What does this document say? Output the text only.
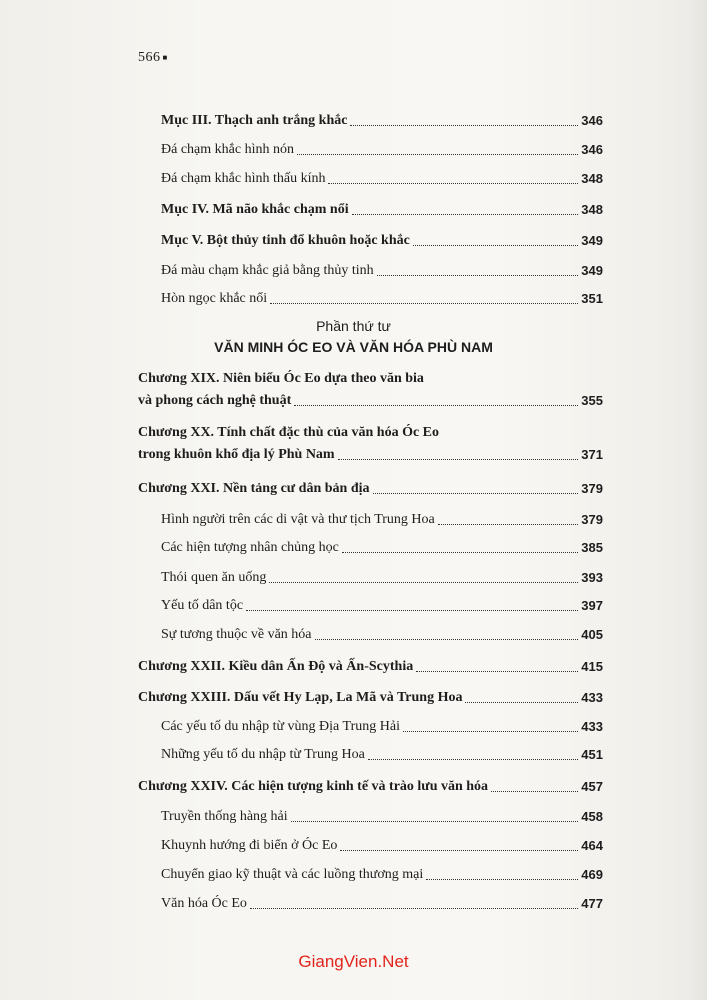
566 ■
Mục III. Thạch anh trắng khắc	346
Đá chạm khắc hình nón	346
Đá chạm khắc hình thấu kính	348
Mục IV. Mã não khắc chạm nổi	348
Mục V. Bột thủy tinh đổ khuôn hoặc khắc	349
Đá màu chạm khắc giả bằng thủy tinh	349
Hòn ngọc khắc nổi	351
Phần thứ tư
VĂN MINH ÓC EO VÀ VĂN HÓA PHÙ NAM
Chương XIX. Niên biểu Óc Eo dựa theo văn bia
và phong cách nghệ thuật	355
Chương XX. Tính chất đặc thù của văn hóa Óc Eo
trong khuôn khổ địa lý Phù Nam	371
Chương XXI. Nền tảng cư dân bản địa	379
Hình người trên các di vật và thư tịch Trung Hoa	379
Các hiện tượng nhân chủng học	385
Thói quen ăn uống	393
Yếu tố dân tộc	397
Sự tương thuộc về văn hóa	405
Chương XXII. Kiều dân Ấn Độ và Ấn-Scythia	415
Chương XXIII. Dấu vết Hy Lạp, La Mã và Trung Hoa	433
Các yếu tố du nhập từ vùng Địa Trung Hải	433
Những yếu tố du nhập từ Trung Hoa	451
Chương XXIV. Các hiện tượng kinh tế và trào lưu văn hóa	457
Truyền thống hàng hải	458
Khuynh hướng đi biển ở Óc Eo	464
Chuyển giao kỹ thuật và các luồng thương mại	469
Văn hóa Óc Eo	477
GiangVien.Net
